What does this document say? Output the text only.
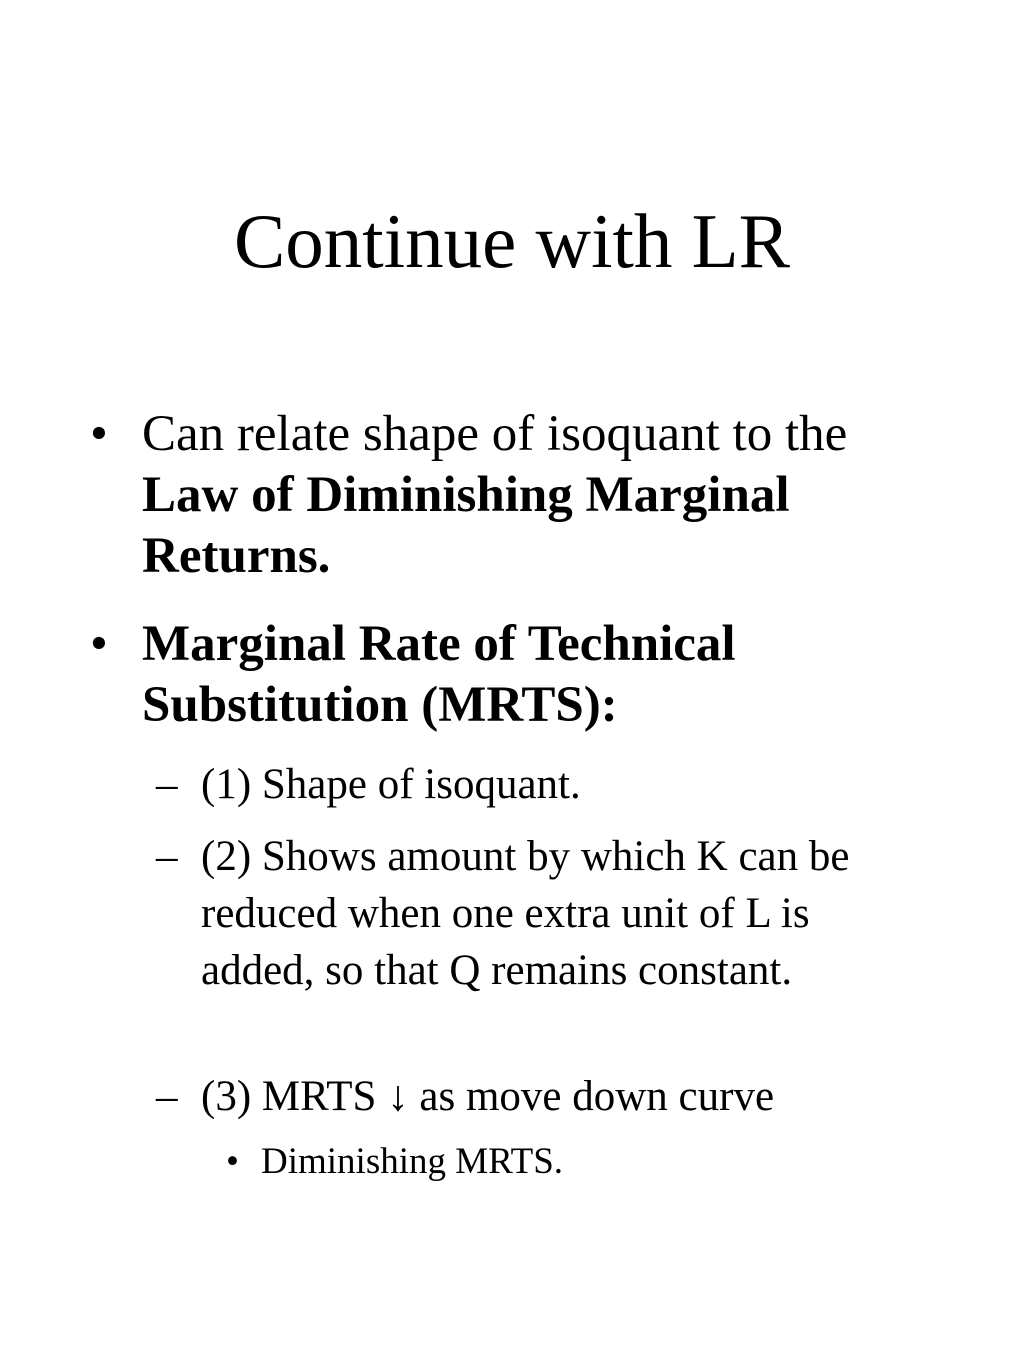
Continue with LR
• Can relate shape of isoquant to the Law of Diminishing Marginal Returns.
• Marginal Rate of Technical Substitution (MRTS):
– (1) Shape of isoquant.
– (2) Shows amount by which K can be reduced when one extra unit of L is added, so that Q remains constant.
– (3) MRTS ↓ as move down curve
• Diminishing MRTS.
